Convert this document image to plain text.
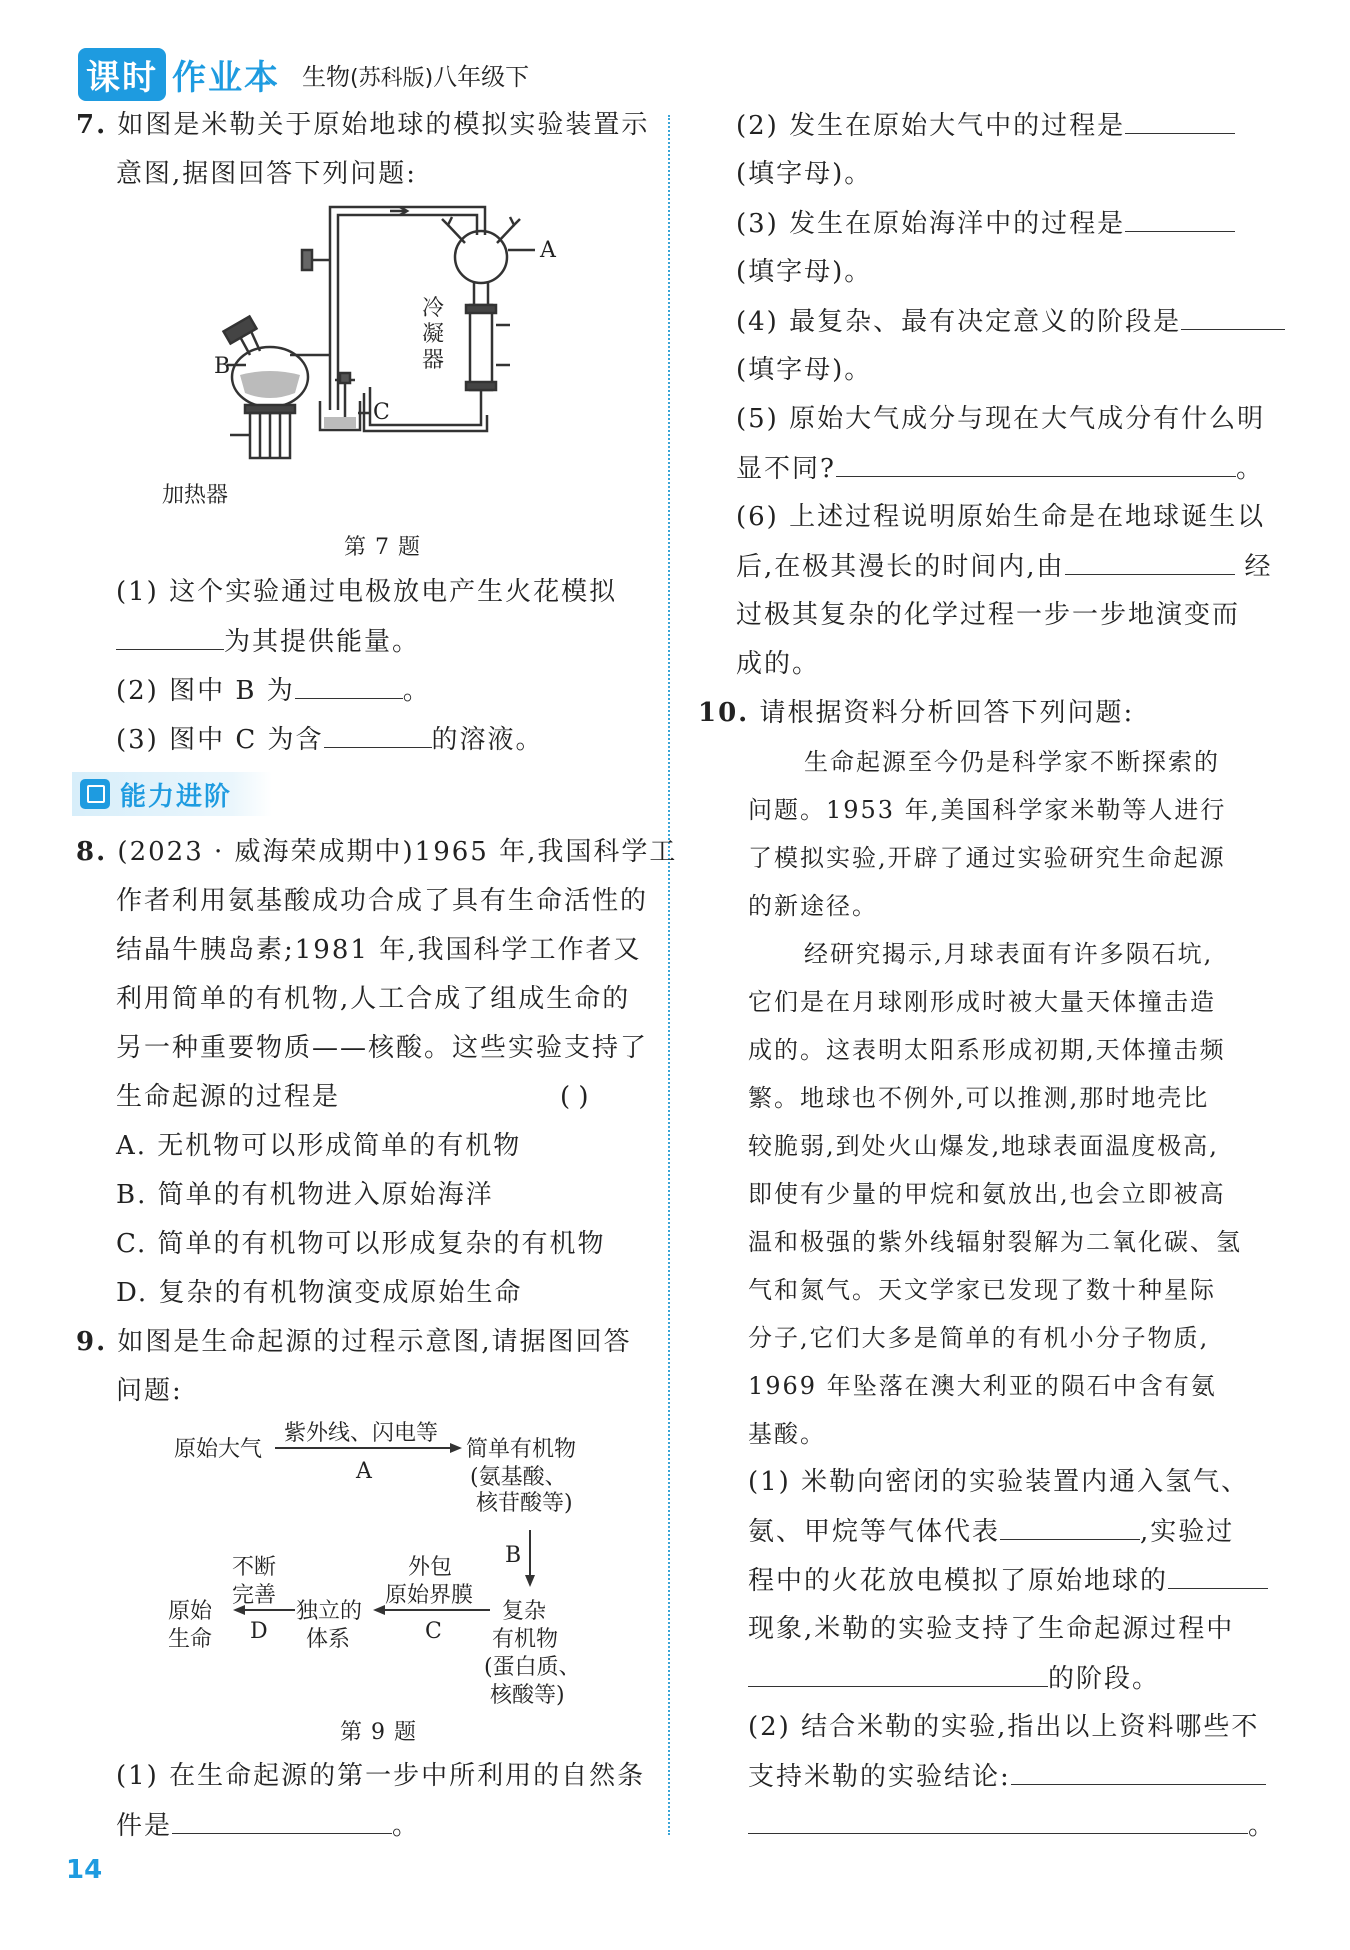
课时 作业本 生物(苏科版)八年级下
7. 如图是米勒关于原始地球的模拟实验装置示
意图,据图回答下列问题:
A
B
C
冷
凝
器
加热器
第 7 题
(1) 这个实验通过电极放电产生火花模拟
为其提供能量。
(2) 图中 B 为	。
(3) 图中 C 为含	的溶液。
能力进阶
8. (2023 · 威海荣成期中)1965 年,我国科学工
作者利用氨基酸成功合成了具有生命活性的
结晶牛胰岛素;1981 年,我国科学工作者又
利用简单的有机物,人工合成了组成生命的
另一种重要物质——核酸。这些实验支持了
生命起源的过程是	( )
A. 无机物可以形成简单的有机物
B. 简单的有机物进入原始海洋
C. 简单的有机物可以形成复杂的有机物
D. 复杂的有机物演变成原始生命
9. 如图是生命起源的过程示意图,请据图回答
问题:
原始大气
紫外线、闪电等
A
简单有机物
(氨基酸、
核苷酸等)
B
复杂
有机物
(蛋白质、
核酸等)
外包
原始界膜
C
独立的
体系
不断
完善
D
原始
生命
第 9 题
(1) 在生命起源的第一步中所利用的自然条
件是	。
(2) 发生在原始大气中的过程是
(填字母)。
(3) 发生在原始海洋中的过程是
(填字母)。
(4) 最复杂、最有决定意义的阶段是
(填字母)。
(5) 原始大气成分与现在大气成分有什么明
显不同?	。
(6) 上述过程说明原始生命是在地球诞生以
后,在极其漫长的时间内,由	经
过极其复杂的化学过程一步一步地演变而
成的。
10. 请根据资料分析回答下列问题:
生命起源至今仍是科学家不断探索的
问题。1953 年,美国科学家米勒等人进行
了模拟实验,开辟了通过实验研究生命起源
的新途径。
经研究揭示,月球表面有许多陨石坑,
它们是在月球刚形成时被大量天体撞击造
成的。这表明太阳系形成初期,天体撞击频
繁。地球也不例外,可以推测,那时地壳比
较脆弱,到处火山爆发,地球表面温度极高,
即使有少量的甲烷和氨放出,也会立即被高
温和极强的紫外线辐射裂解为二氧化碳、氢
气和氮气。天文学家已发现了数十种星际
分子,它们大多是简单的有机小分子物质,
1969 年坠落在澳大利亚的陨石中含有氨
基酸。
(1) 米勒向密闭的实验装置内通入氢气、
氨、甲烷等气体代表	,实验过
程中的火花放电模拟了原始地球的
现象,米勒的实验支持了生命起源过程中
的阶段。
(2) 结合米勒的实验,指出以上资料哪些不
支持米勒的实验结论:
。
14
